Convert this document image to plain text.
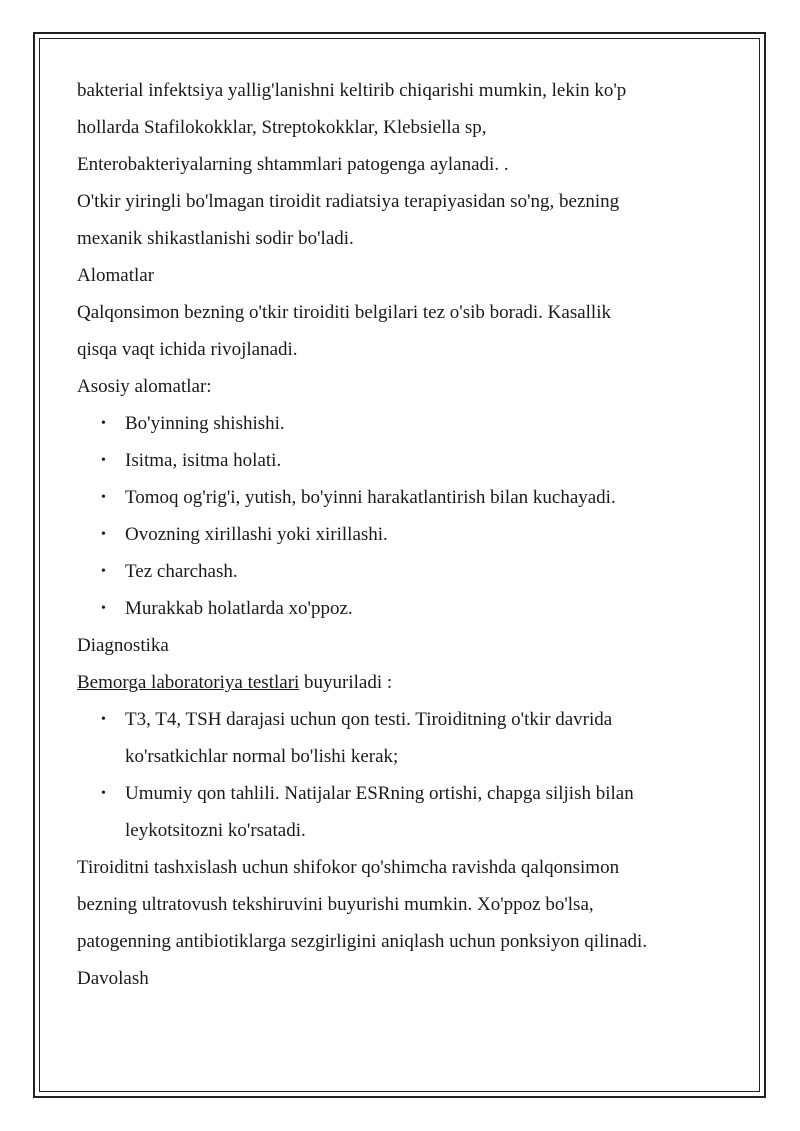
bakterial infektsiya yallig'lanishni keltirib chiqarishi mumkin, lekin ko'p
hollarda Stafilokokklar, Streptokokklar, Klebsiella sp,
Enterobakteriyalarning shtammlari patogenga aylanadi. .

O'tkir yiringli bo'lmagan tiroidit radiatsiya terapiyasidan so'ng, bezning
mexanik shikastlanishi sodir bo'ladi.

Alomatlar

Qalqonsimon bezning o'tkir tiroiditi belgilari tez o'sib boradi. Kasallik
qisqa vaqt ichida rivojlanadi.

Asosiy alomatlar:

• Bo'yinning shishishi.
• Isitma, isitma holati.
• Tomoq og'rig'i, yutish, bo'yinni harakatlantirish bilan kuchayadi.
• Ovozning xirillashi yoki xirillashi.
• Tez charchash.
• Murakkab holatlarda xo'ppoz.

Diagnostika

Bemorga laboratoriya testlari buyuriladi :

• T3, T4, TSH darajasi uchun qon testi. Tiroiditning o'tkir davrida
ko'rsatkichlar normal bo'lishi kerak;
• Umumiy qon tahlili. Natijalar ESRning ortishi, chapga siljish bilan
leykotsitozni ko'rsatadi.

Tiroiditni tashxislash uchun shifokor qo'shimcha ravishda qalqonsimon
bezning ultratovush tekshiruvini buyurishi mumkin. Xo'ppoz bo'lsa,
patogenning antibiotiklarga sezgirligini aniqlash uchun ponksiyon qilinadi.

Davolash
